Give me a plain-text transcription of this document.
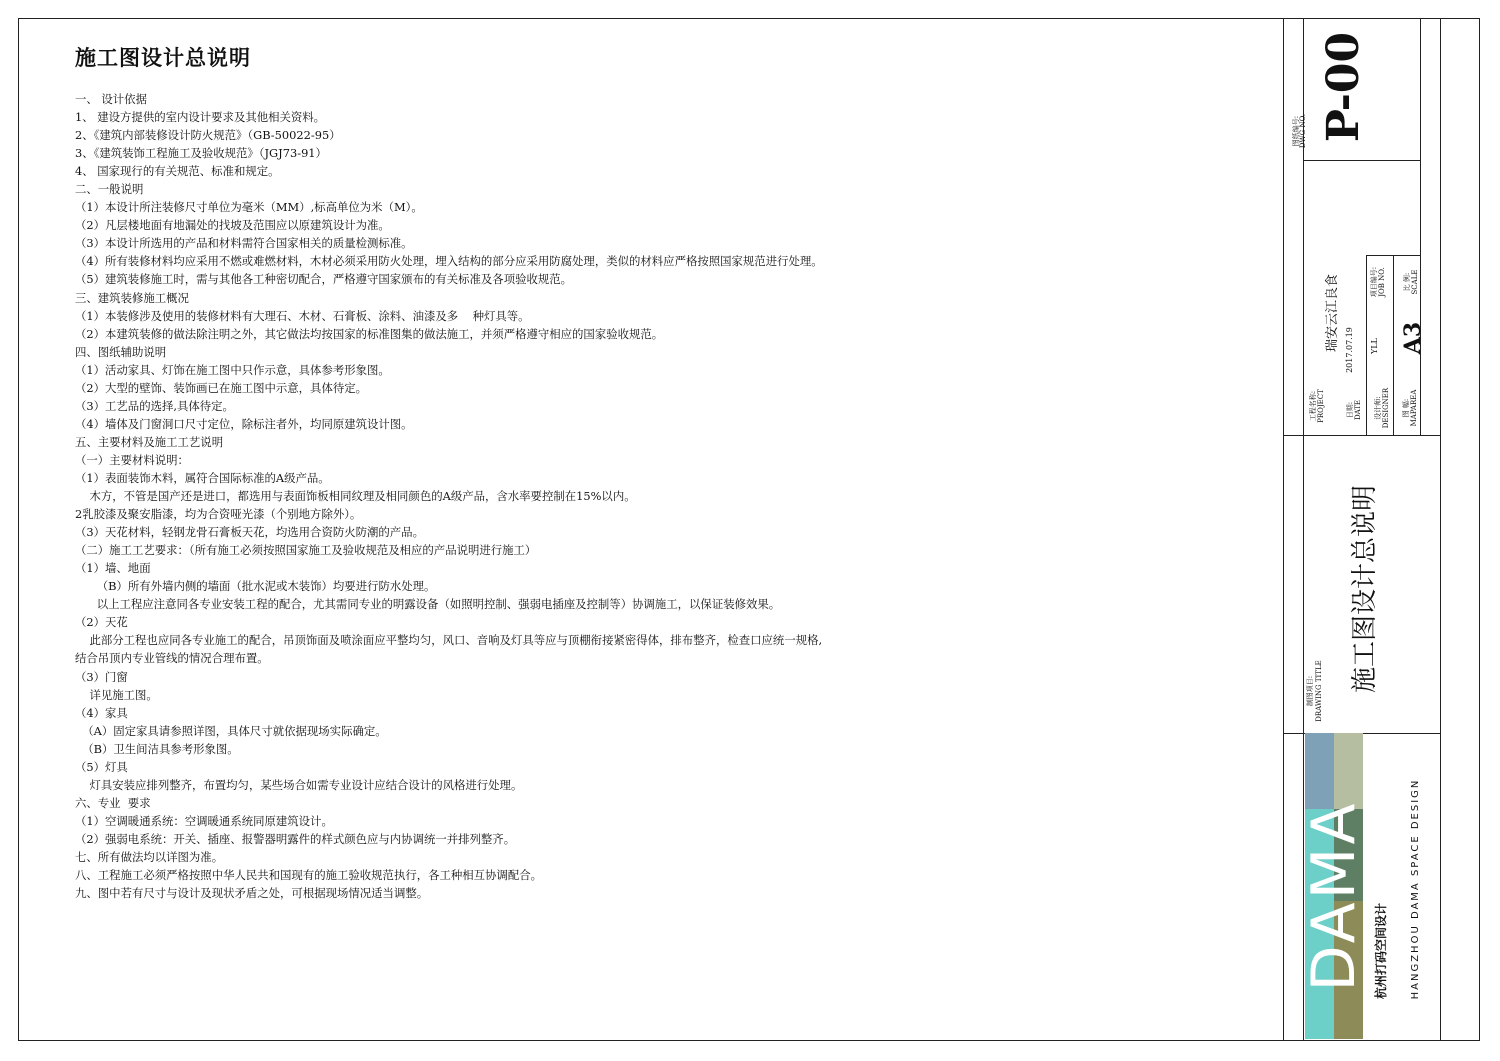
施工图设计总说明
一、 设计依据
1、 建设方提供的室内设计要求及其他相关资料。
2、《建筑内部装修设计防火规范》（GB-50022-95）
3、《建筑装饰工程施工及验收规范》（JGJ73-91）
4、 国家现行的有关规范、标准和规定。
二、一般说明
（1）本设计所注装修尺寸单位为毫米（MM）,标高单位为米（M）。
（2）凡层楼地面有地漏处的找坡及范围应以原建筑设计为准。
（3）本设计所选用的产品和材料需符合国家相关的质量检测标准。
（4）所有装修材料均应采用不燃或难燃材料，木材必须采用防火处理，埋入结构的部分应采用防腐处理，类似的材料应严格按照国家规范进行处理。
（5）建筑装修施工时，需与其他各工种密切配合，严格遵守国家颁布的有关标准及各项验收规范。
三、建筑装修施工概况
（1）本装修涉及使用的装修材料有大理石、木材、石膏板、涂料、油漆及多    种灯具等。
（2）本建筑装修的做法除注明之外，其它做法均按国家的标准图集的做法施工，并须严格遵守相应的国家验收规范。
四、图纸辅助说明
（1）活动家具、灯饰在施工图中只作示意，具体参考形象图。
（2）大型的壁饰、装饰画已在施工图中示意，具体待定。
（3）工艺品的选择,具体待定。
（4）墙体及门窗洞口尺寸定位，除标注者外，均同原建筑设计图。
五、主要材料及施工工艺说明
（一）主要材料说明：
（1）表面装饰木料，属符合国际标准的A级产品。
木方，不管是国产还是进口，都选用与表面饰板相同纹理及相同颜色的A级产品，含水率要控制在15%以内。
2乳胶漆及聚安脂漆，均为合资哑光漆（个别地方除外）。
（3）天花材料，轻钢龙骨石膏板天花，均选用合资防火防潮的产品。
（二）施工工艺要求：（所有施工必须按照国家施工及验收规范及相应的产品说明进行施工）
（1）墙、地面
（B）所有外墙内侧的墙面（批水泥或木装饰）均要进行防水处理。
以上工程应注意同各专业安装工程的配合，尤其需同专业的明露设备（如照明控制、强弱电插座及控制等）协调施工，以保证装修效果。
（2）天花
此部分工程也应同各专业施工的配合，吊顶饰面及喷涂面应平整均匀，风口、音响及灯具等应与顶棚衔接紧密得体，排布整齐，检查口应统一规格,
结合吊顶内专业管线的情况合理布置。
（3）门窗
详见施工图。
（4）家具
（A）固定家具请参照详图，具体尺寸就依据现场实际确定。
（B）卫生间洁具参考形象图。
（5）灯具
灯具安装应排列整齐，布置均匀，某些场合如需专业设计应结合设计的风格进行处理。
六、专业  要求
（1）空调暖通系统：空调暖通系统同原建筑设计。
（2）强弱电系统：开关、插座、报警器明露件的样式颜色应与内协调统一并排列整齐。
七、所有做法均以详图为准。
八、工程施工必须严格按照中华人民共和国现有的施工验收规范执行，各工种相互协调配合。
九、图中若有尺寸与设计及现状矛盾之处，可根据现场情况适当调整。
图纸编号: DWG NO. P-00
工程名称: PROJECT
瑞安云江良食	项目编号: JOB NO. 比 例: SCALE
日期: DATE
2017.07.19
设计师: DESIGNER
YLL
图 幅: MAPAREA
A3
制图项目: DRAWING TITLE 施工图设计总说明
DAMA 杭州打码空间设计 HANGZHOU DAMA SPACE DESIGN
